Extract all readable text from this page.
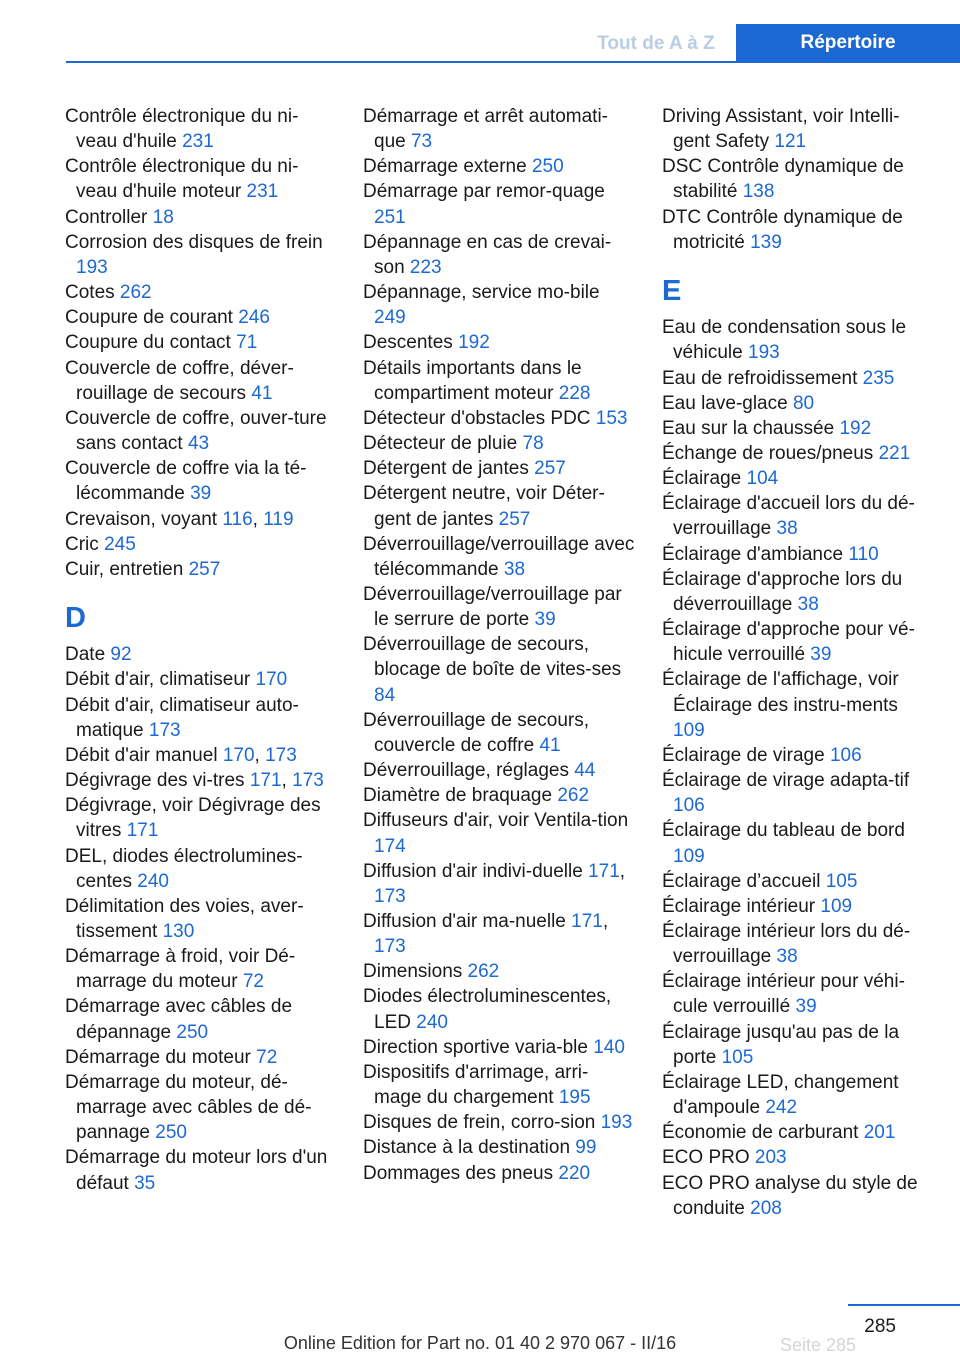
Tout de A à Z	Répertoire

Contrôle électronique du ni‐veau d'huile 231

Contrôle électronique du ni‐veau d'huile moteur 231

Controller 18

Corrosion des disques de frein 193

Cotes 262

Coupure de courant 246

Coupure du contact 71

Couvercle de coffre, déver‐rouillage de secours 41

Couvercle de coffre, ouver‐ture sans contact 43

Couvercle de coffre via la té‐lécommande 39

Crevaison, voyant 116, 119

Cric 245

Cuir, entretien 257

D

Date 92

Débit d'air, climatiseur 170

Débit d'air, climatiseur auto‐matique 173

Débit d'air manuel 170, 173

Dégivrage des vi‐tres 171, 173

Dégivrage, voir Dégivrage des vitres 171

DEL, diodes électrolumines‐centes 240

Délimitation des voies, aver‐tissement 130

Démarrage à froid, voir Dé‐marrage du moteur 72

Démarrage avec câbles de dépannage 250

Démarrage du moteur 72

Démarrage du moteur, dé‐marrage avec câbles de dé‐pannage 250

Démarrage du moteur lors d'un défaut 35

Démarrage et arrêt automati‐que 73

Démarrage externe 250

Démarrage par remor‐quage 251

Dépannage en cas de crevai‐son 223

Dépannage, service mo‐bile 249

Descentes 192

Détails importants dans le compartiment moteur 228

Détecteur d'obstacles PDC 153

Détecteur de pluie 78

Détergent de jantes 257

Détergent neutre, voir Déter‐gent de jantes 257

Déverrouillage/verrouillage avec télécommande 38

Déverrouillage/verrouillage par le serrure de porte 39

Déverrouillage de secours, blocage de boîte de vites‐ses 84

Déverrouillage de secours, couvercle de coffre 41

Déverrouillage, réglages 44

Diamètre de braquage 262

Diffuseurs d'air, voir Ventila‐tion 174

Diffusion d'air indivi‐duelle 171, 173

Diffusion d'air ma‐nuelle 171, 173

Dimensions 262

Diodes électroluminescentes, LED 240

Direction sportive varia‐ble 140

Dispositifs d'arrimage, arri‐mage du chargement 195

Disques de frein, corro‐sion 193

Distance à la destination 99

Dommages des pneus 220

Driving Assistant, voir Intelli‐gent Safety 121

DSC Contrôle dynamique de stabilité 138

DTC Contrôle dynamique de motricité 139

E

Eau de condensation sous le véhicule 193

Eau de refroidissement 235

Eau lave-glace 80

Eau sur la chaussée 192

Échange de roues/pneus 221

Éclairage 104

Éclairage d'accueil lors du dé‐verrouillage 38

Éclairage d'ambiance 110

Éclairage d'approche lors du déverrouillage 38

Éclairage d'approche pour vé‐hicule verrouillé 39

Éclairage de l'affichage, voir Éclairage des instru‐ments 109

Éclairage de virage 106

Éclairage de virage adapta‐tif 106

Éclairage du tableau de bord 109

Éclairage d’accueil 105

Éclairage intérieur 109

Éclairage intérieur lors du dé‐verrouillage 38

Éclairage intérieur pour véhi‐cule verrouillé 39

Éclairage jusqu'au pas de la porte 105

Éclairage LED, changement d'ampoule 242

Économie de carburant 201

ECO PRO 203

ECO PRO analyse du style de conduite 208

285
Seite 285
Online Edition for Part no. 01 40 2 970 067 - II/16
